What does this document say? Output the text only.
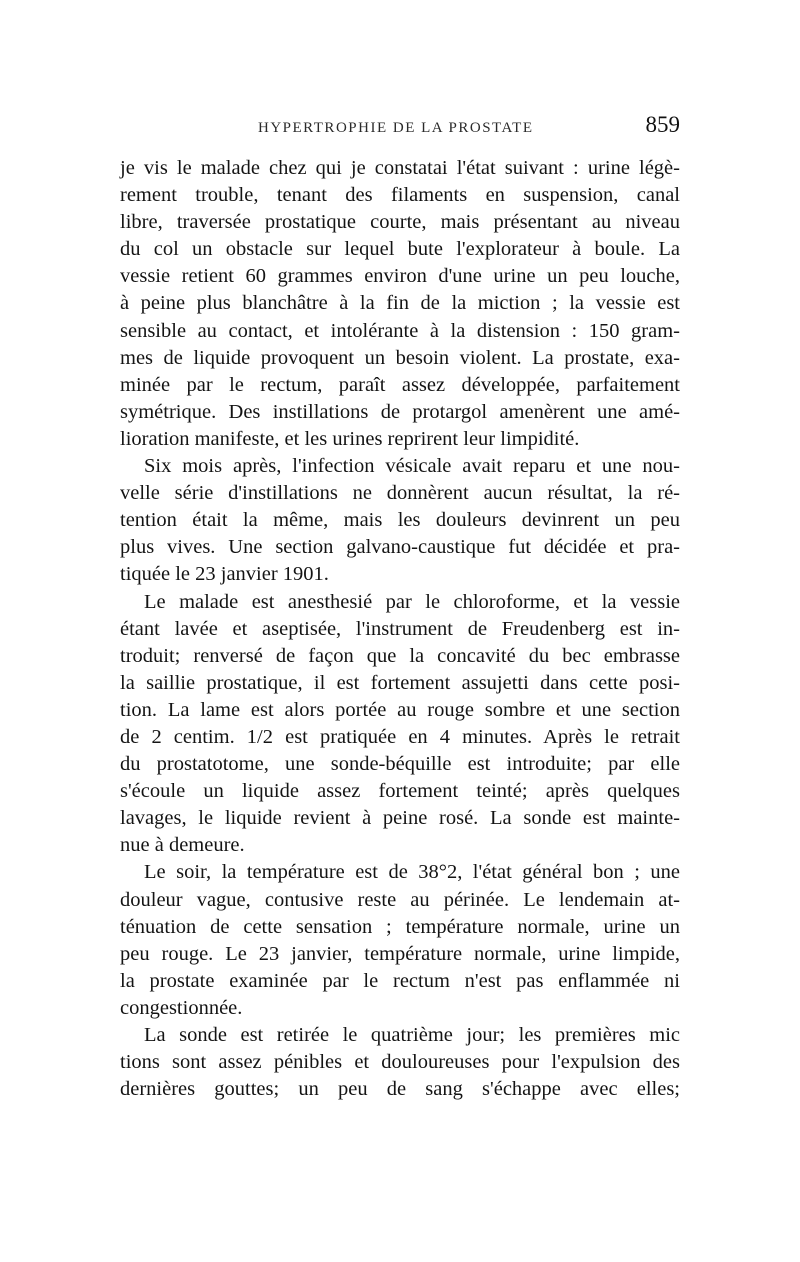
HYPERTROPHIE DE LA PROSTATE	859
je vis le malade chez qui je constatai l'état suivant : urine légè-
rement trouble, tenant des filaments en suspension, canal
libre, traversée prostatique courte, mais présentant au niveau
du col un obstacle sur lequel bute l'explorateur à boule. La
vessie retient 60 grammes environ d'une urine un peu louche,
à peine plus blanchâtre à la fin de la miction ; la vessie est
sensible au contact, et intolérante à la distension : 150 gram-
mes de liquide provoquent un besoin violent. La prostate, exa-
minée par le rectum, paraît assez développée, parfaitement
symétrique. Des instillations de protargol amenèrent une amé-
lioration manifeste, et les urines reprirent leur limpidité.
Six mois après, l'infection vésicale avait reparu et une nou-
velle série d'instillations ne donnèrent aucun résultat, la ré-
tention était la même, mais les douleurs devinrent un peu
plus vives. Une section galvano-caustique fut décidée et pra-
tiquée le 23 janvier 1901.
Le malade est anesthesié par le chloroforme, et la vessie
étant lavée et aseptisée, l'instrument de Freudenberg est in-
troduit; renversé de façon que la concavité du bec embrasse
la saillie prostatique, il est fortement assujetti dans cette posi-
tion. La lame est alors portée au rouge sombre et une section
de 2 centim. 1/2 est pratiquée en 4 minutes. Après le retrait
du prostatotome, une sonde-béquille est introduite; par elle
s'écoule un liquide assez fortement teinté; après quelques
lavages, le liquide revient à peine rosé. La sonde est mainte-
nue à demeure.
Le soir, la température est de 38°2, l'état général bon ; une
douleur vague, contusive reste au périnée. Le lendemain at-
ténuation de cette sensation ; température normale, urine un
peu rouge. Le 23 janvier, température normale, urine limpide,
la prostate examinée par le rectum n'est pas enflammée ni
congestionnée.
La sonde est retirée le quatrième jour; les premières mic
tions sont assez pénibles et douloureuses pour l'expulsion des
dernières gouttes; un peu de sang s'échappe avec elles;
